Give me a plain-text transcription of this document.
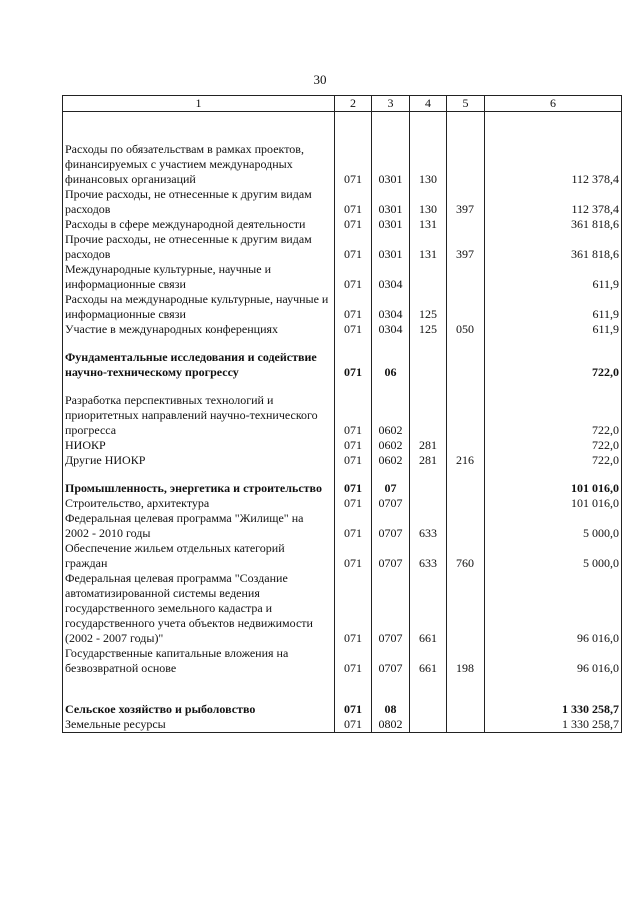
30
1	2	3	4	5	6
Расходы по обязательствам в рамках проектов, финансируемых с участием международных финансовых организаций	071	0301	130		112 378,4
Прочие расходы, не отнесенные к другим видам расходов	071	0301	130	397	112 378,4
Расходы в сфере международной деятельности	071	0301	131		361 818,6
Прочие расходы, не отнесенные к другим видам расходов	071	0301	131	397	361 818,6
Международные культурные, научные и информационные связи	071	0304			611,9
Расходы на международные культурные, научные и информационные связи	071	0304	125		611,9
Участие в международных конференциях	071	0304	125	050	611,9
Фундаментальные исследования и содействие научно-техническому прогрессу	071	06			722,0
Разработка перспективных технологий и приоритетных направлений научно-технического прогресса	071	0602			722,0
НИОКР	071	0602	281		722,0
Другие НИОКР	071	0602	281	216	722,0
Промышленность, энергетика и строительство	071	07			101 016,0
Строительство, архитектура	071	0707			101 016,0
Федеральная целевая программа "Жилище" на 2002 - 2010 годы	071	0707	633		5 000,0
Обеспечение жильем отдельных категорий граждан	071	0707	633	760	5 000,0
Федеральная целевая программа "Создание автоматизированной системы ведения государственного земельного кадастра и государственного учета объектов недвижимости (2002 - 2007 годы)"	071	0707	661		96 016,0
Государственные капитальные вложения на безвозвратной основе	071	0707	661	198	96 016,0
Сельское хозяйство и рыболовство	071	08			1 330 258,7
Земельные ресурсы	071	0802			1 330 258,7
